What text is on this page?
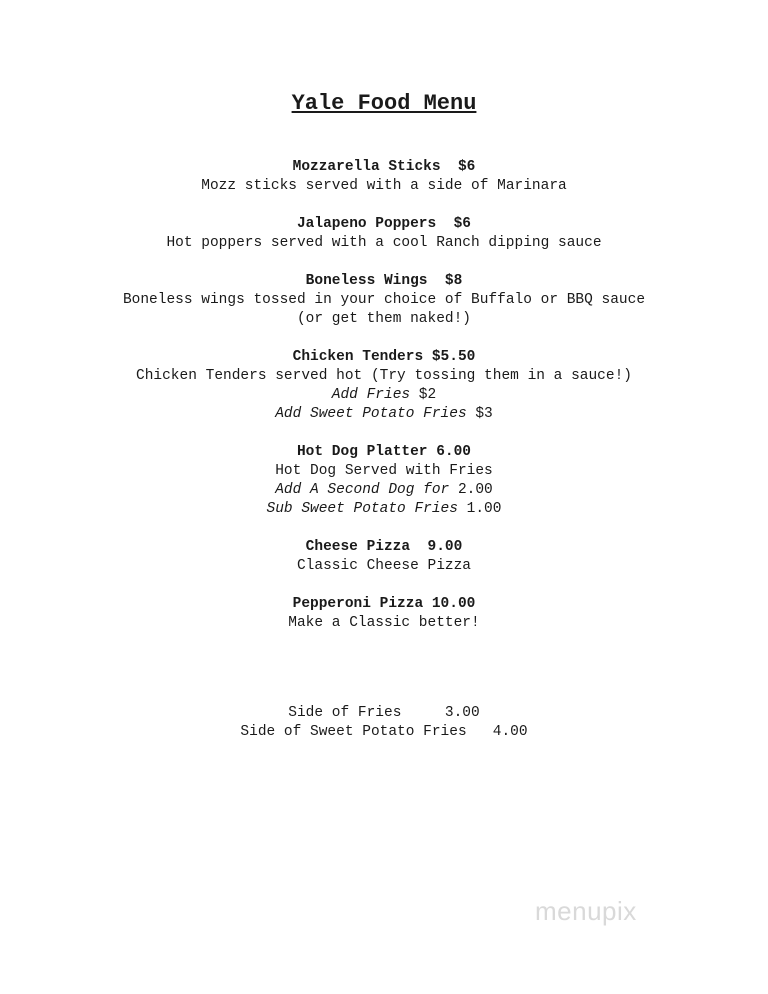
Yale Food Menu
Mozzarella Sticks  $6
Mozz sticks served with a side of Marinara
Jalapeno Poppers  $6
Hot poppers served with a cool Ranch dipping sauce
Boneless Wings  $8
Boneless wings tossed in your choice of Buffalo or BBQ sauce
(or get them naked!)
Chicken Tenders $5.50
Chicken Tenders served hot (Try tossing them in a sauce!)
Add Fries $2
Add Sweet Potato Fries $3
Hot Dog Platter 6.00
Hot Dog Served with Fries
Add A Second Dog for 2.00
Sub Sweet Potato Fries 1.00
Cheese Pizza  9.00
Classic Cheese Pizza
Pepperoni Pizza 10.00
Make a Classic better!
Side of Fries     3.00
Side of Sweet Potato Fries   4.00
menupix
